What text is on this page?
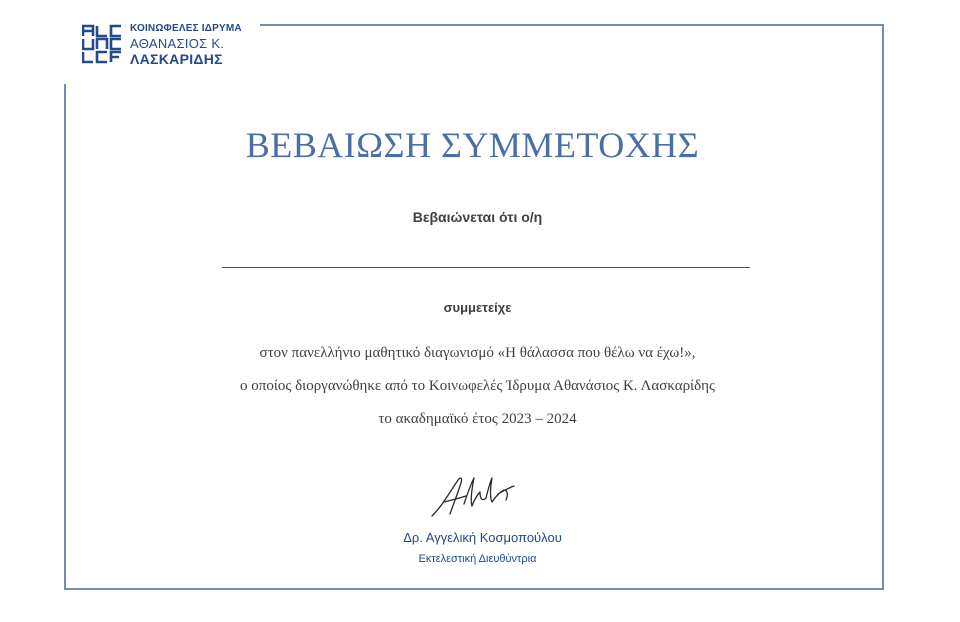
ΚΟΙΝΩΦΕΛΕΣ ΙΔΡΥΜΑ
ΑΘΑΝΑΣΙΟΣ Κ.
ΛΑΣΚΑΡΙΔΗΣ
ΒΕΒΑΙΩΣΗ ΣΥΜΜΕΤΟΧΗΣ
Βεβαιώνεται ότι ο/η
συμμετείχε
στον πανελλήνιο μαθητικό διαγωνισμό «Η θάλασσα που θέλω να έχω!»,
ο οποίος διοργανώθηκε από το Κοινωφελές Ίδρυμα Αθανάσιος Κ. Λασκαρίδης
το ακαδημαϊκό έτος 2023 – 2024
Δρ. Αγγελική Κοσμοπούλου
Εκτελεστική Διευθύντρια
